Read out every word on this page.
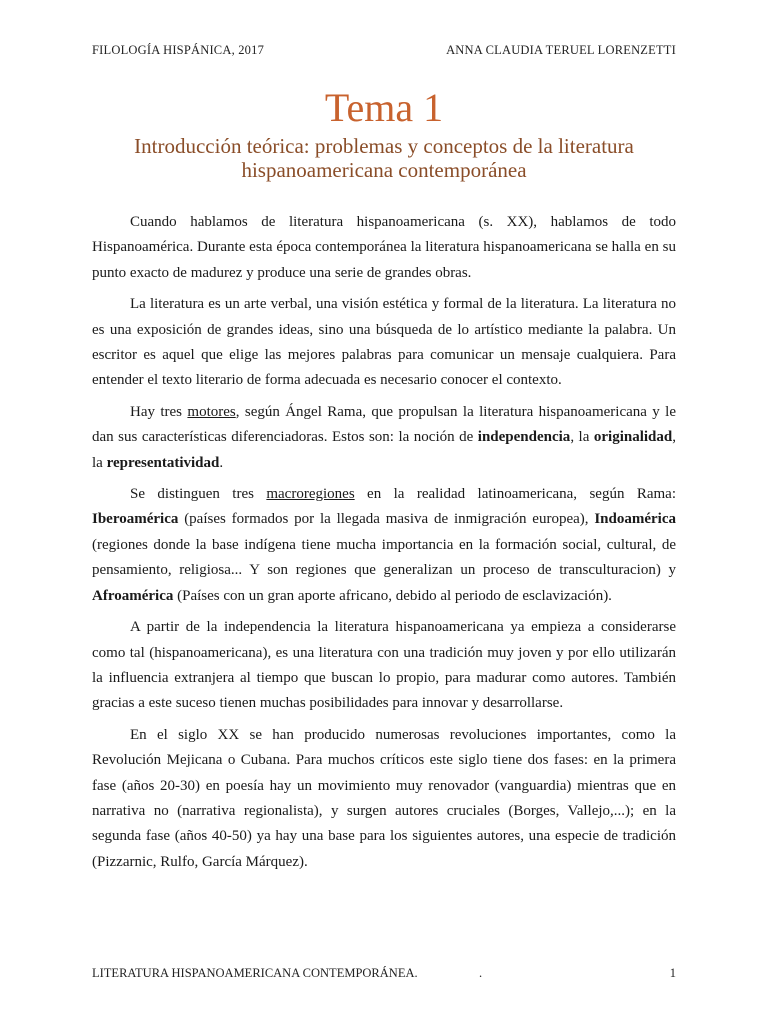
FILOLOGÍA HISPÁNICA, 2017	ANNA CLAUDIA TERUEL LORENZETTI
Tema 1
Introducción teórica: problemas y conceptos de la literatura hispanoamericana contemporánea

Cuando hablamos de literatura hispanoamericana (s. XX), hablamos de todo Hispanoamérica. Durante esta época contemporánea la literatura hispanoamericana se halla en su punto exacto de madurez y produce una serie de grandes obras.

La literatura es un arte verbal, una visión estética y formal de la literatura. La literatura no es una exposición de grandes ideas, sino una búsqueda de lo artístico mediante la palabra. Un escritor es aquel que elige las mejores palabras para comunicar un mensaje cualquiera. Para entender el texto literario de forma adecuada es necesario conocer el contexto.

Hay tres motores, según Ángel Rama, que propulsan la literatura hispanoamericana y le dan sus características diferenciadoras. Estos son: la noción de independencia, la originalidad, la representatividad.

Se distinguen tres macroregiones en la realidad latinoamericana, según Rama: Iberoamérica (países formados por la llegada masiva de inmigración europea), Indoamérica (regiones donde la base indígena tiene mucha importancia en la formación social, cultural, de pensamiento, religiosa... Y son regiones que generalizan un proceso de transculturacion) y Afroamérica (Países con un gran aporte africano, debido al periodo de esclavización).

A partir de la independencia la literatura hispanoamericana ya empieza a considerarse como tal (hispanoamericana), es una literatura con una tradición muy joven y por ello utilizarán la influencia extranjera al tiempo que buscan lo propio, para madurar como autores. También gracias a este suceso tienen muchas posibilidades para innovar y desarrollarse.

En el siglo XX se han producido numerosas revoluciones importantes, como la Revolución Mejicana o Cubana. Para muchos críticos este siglo tiene dos fases: en la primera fase (años 20-30) en poesía hay un movimiento muy renovador (vanguardia) mientras que en narrativa no (narrativa regionalista), y surgen autores cruciales (Borges, Vallejo,...); en la segunda fase (años 40-50) ya hay una base para los siguientes autores, una especie de tradición (Pizzarnic, Rulfo, García Márquez).

LITERATURA HISPANOAMERICANA CONTEMPORÁNEA.	.	1
